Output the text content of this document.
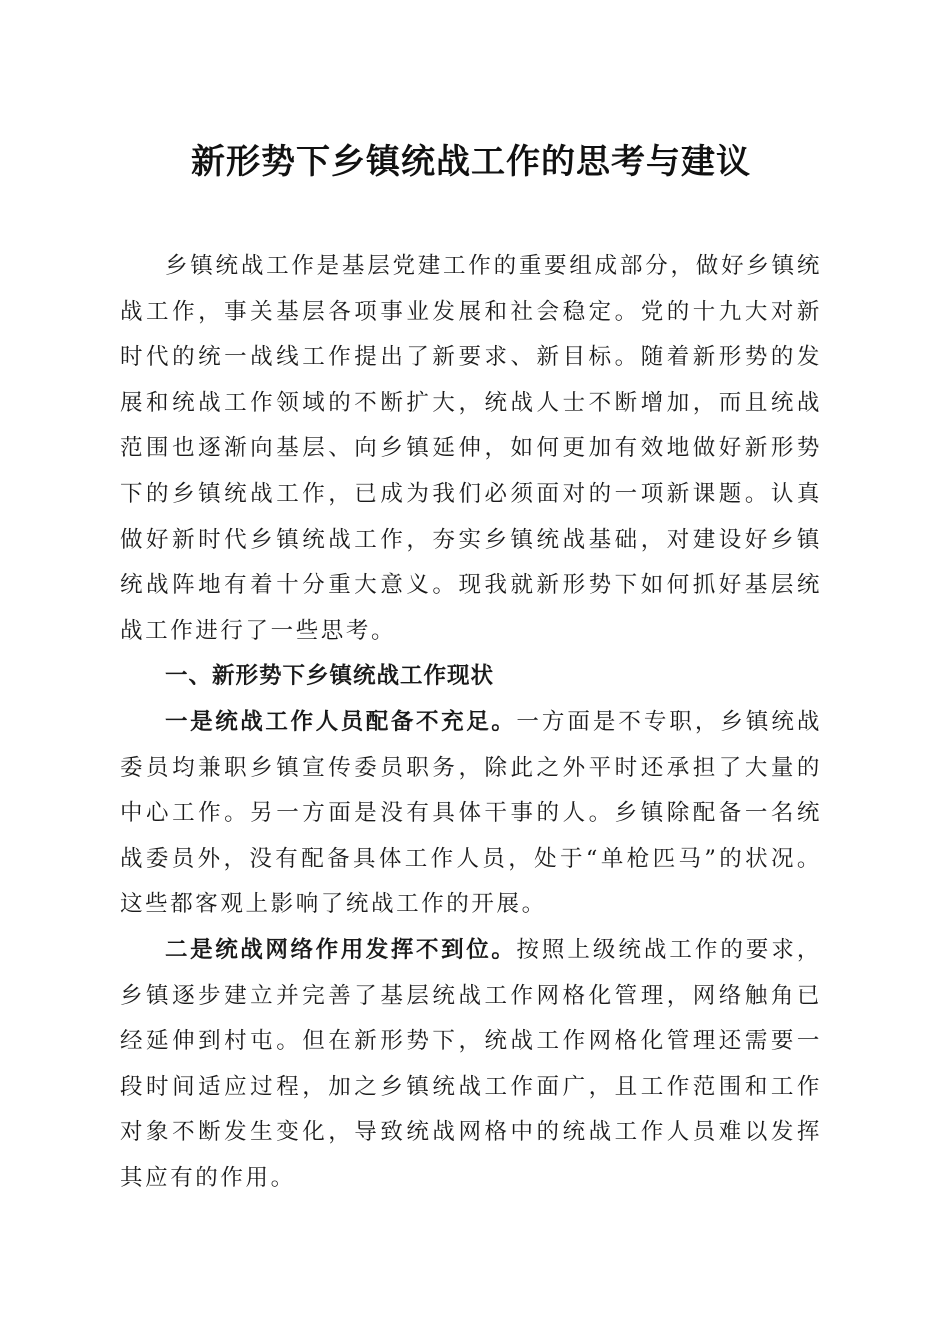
新形势下乡镇统战工作的思考与建议

乡镇统战工作是基层党建工作的重要组成部分，做好乡镇统战工作，事关基层各项事业发展和社会稳定。党的十九大对新时代的统一战线工作提出了新要求、新目标。随着新形势的发展和统战工作领域的不断扩大，统战人士不断增加，而且统战范围也逐渐向基层、向乡镇延伸，如何更加有效地做好新形势下的乡镇统战工作，已成为我们必须面对的一项新课题。认真做好新时代乡镇统战工作，夯实乡镇统战基础，对建设好乡镇统战阵地有着十分重大意义。现我就新形势下如何抓好基层统战工作进行了一些思考。

一、新形势下乡镇统战工作现状

一是统战工作人员配备不充足。一方面是不专职，乡镇统战委员均兼职乡镇宣传委员职务，除此之外平时还承担了大量的中心工作。另一方面是没有具体干事的人。乡镇除配备一名统战委员外，没有配备具体工作人员，处于“单枪匹马”的状况。这些都客观上影响了统战工作的开展。

二是统战网络作用发挥不到位。按照上级统战工作的要求，乡镇逐步建立并完善了基层统战工作网格化管理，网络触角已经延伸到村屯。但在新形势下，统战工作网格化管理还需要一段时间适应过程，加之乡镇统战工作面广，且工作范围和工作对象不断发生变化，导致统战网格中的统战工作人员难以发挥其应有的作用。
